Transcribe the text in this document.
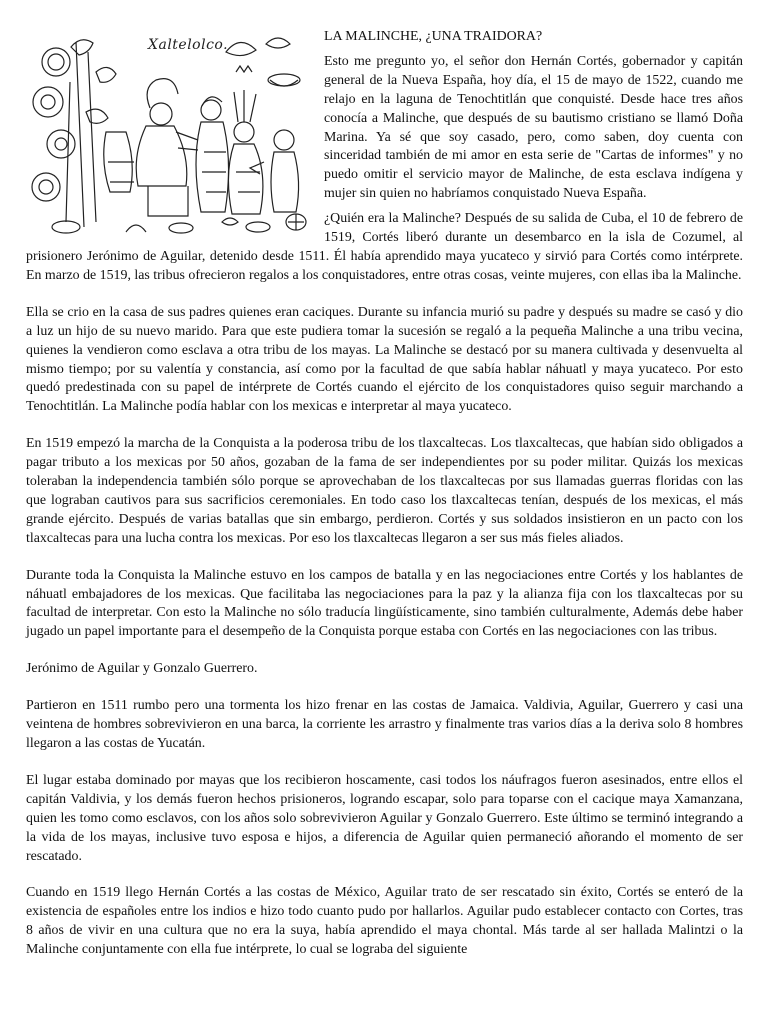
Xaltelolco.
LA MALINCHE, ¿UNA TRAIDORA?

Esto me pregunto yo, el señor don Hernán Cortés, gobernador y capitán general de la Nueva España, hoy día, el 15 de mayo de 1522, cuando me relajo en la laguna de Tenochtitlán que conquisté. Desde hace tres años conocía a Malinche, que después de su bautismo cristiano se llamó Doña Marina. Ya sé que soy casado, pero, como saben, doy cuenta con sinceridad también de mi amor en esta serie de "Cartas de informes" y no puedo omitir el servicio mayor de Malinche, de esta esclava indígena y mujer sin quien no habríamos conquistado Nueva España.

¿Quién era la Malinche? Después de su salida de Cuba, el 10 de febrero de 1519, Cortés liberó durante un desembarco en la isla de Cozumel, al prisionero Jerónimo de Aguilar, detenido desde 1511. Él había aprendido maya yucateco y sirvió para Cortés como intérprete. En marzo de 1519, las tribus ofrecieron regalos a los conquistadores, entre otras cosas, veinte mujeres, con ellas iba la Malinche.

Ella se crio en la casa de sus padres quienes eran caciques. Durante su infancia murió su padre y después su madre se casó y dio a luz un hijo de su nuevo marido. Para que este pudiera tomar la sucesión se regaló a la pequeña Malinche a una tribu vecina, quienes la vendieron como esclava a otra tribu de los mayas. La Malinche se destacó por su manera cultivada y desenvuelta al mismo tiempo; por su valentía y constancia, así como por la facultad de que sabía hablar náhuatl y maya yucateco. Por esto quedó predestinada con su papel de intérprete de Cortés cuando el ejército de los conquistadores quiso seguir marchando a Tenochtitlán. La Malinche podía hablar con los mexicas e interpretar al maya yucateco.

En 1519 empezó la marcha de la Conquista a la poderosa tribu de los tlaxcaltecas. Los tlaxcaltecas, que habían sido obligados a pagar tributo a los mexicas por 50 años, gozaban de la fama de ser independientes por su poder militar. Quizás los mexicas toleraban la independencia también sólo porque se aprovechaban de los tlaxcaltecas por sus llamadas guerras floridas con las que lograban cautivos para sus sacrificios ceremoniales. En todo caso los tlaxcaltecas tenían, después de los mexicas, el más grande ejército. Después de varias batallas que sin embargo, perdieron. Cortés y sus soldados insistieron en un pacto con los tlaxcaltecas para una lucha contra los mexicas. Por eso los tlaxcaltecas llegaron a ser sus más fieles aliados.

Durante toda la Conquista la Malinche estuvo en los campos de batalla y en las negociaciones entre Cortés y los hablantes de náhuatl embajadores de los mexicas. Que facilitaba las negociaciones para la paz y la alianza fija con los tlaxcaltecas por su facultad de interpretar. Con esto la Malinche no sólo traducía lingüísticamente, sino también culturalmente, Además debe haber jugado un papel importante para el desempeño de la Conquista porque estaba con Cortés en las negociaciones con las tribus.

Jerónimo de Aguilar y Gonzalo Guerrero.

Partieron en 1511 rumbo pero una tormenta los hizo frenar en las costas de Jamaica. Valdivia, Aguilar, Guerrero y casi una veintena de hombres sobrevivieron en una barca, la corriente les arrastro y finalmente tras varios días a la deriva solo 8 hombres llegaron a las costas de Yucatán.

El lugar estaba dominado por mayas que los recibieron hoscamente, casi todos los náufragos fueron asesinados, entre ellos el capitán Valdivia, y los demás fueron hechos prisioneros, logrando escapar, solo para toparse con el cacique maya Xamanzana, quien les tomo como esclavos, con los años solo sobrevivieron Aguilar y Gonzalo Guerrero. Este último se terminó integrando a la vida de los mayas, inclusive tuvo esposa e hijos, a diferencia de Aguilar quien permaneció añorando el momento de ser rescatado.

Cuando en 1519 llego Hernán Cortés a las costas de México, Aguilar trato de ser rescatado sin éxito, Cortés se enteró de la existencia de españoles entre los indios e hizo todo cuanto pudo por hallarlos. Aguilar pudo establecer contacto con Cortes, tras 8 años de vivir en una cultura que no era la suya, había aprendido el maya chontal. Más tarde al ser hallada Malintzi o la Malinche conjuntamente con ella fue intérprete, lo cual se lograba del siguiente
